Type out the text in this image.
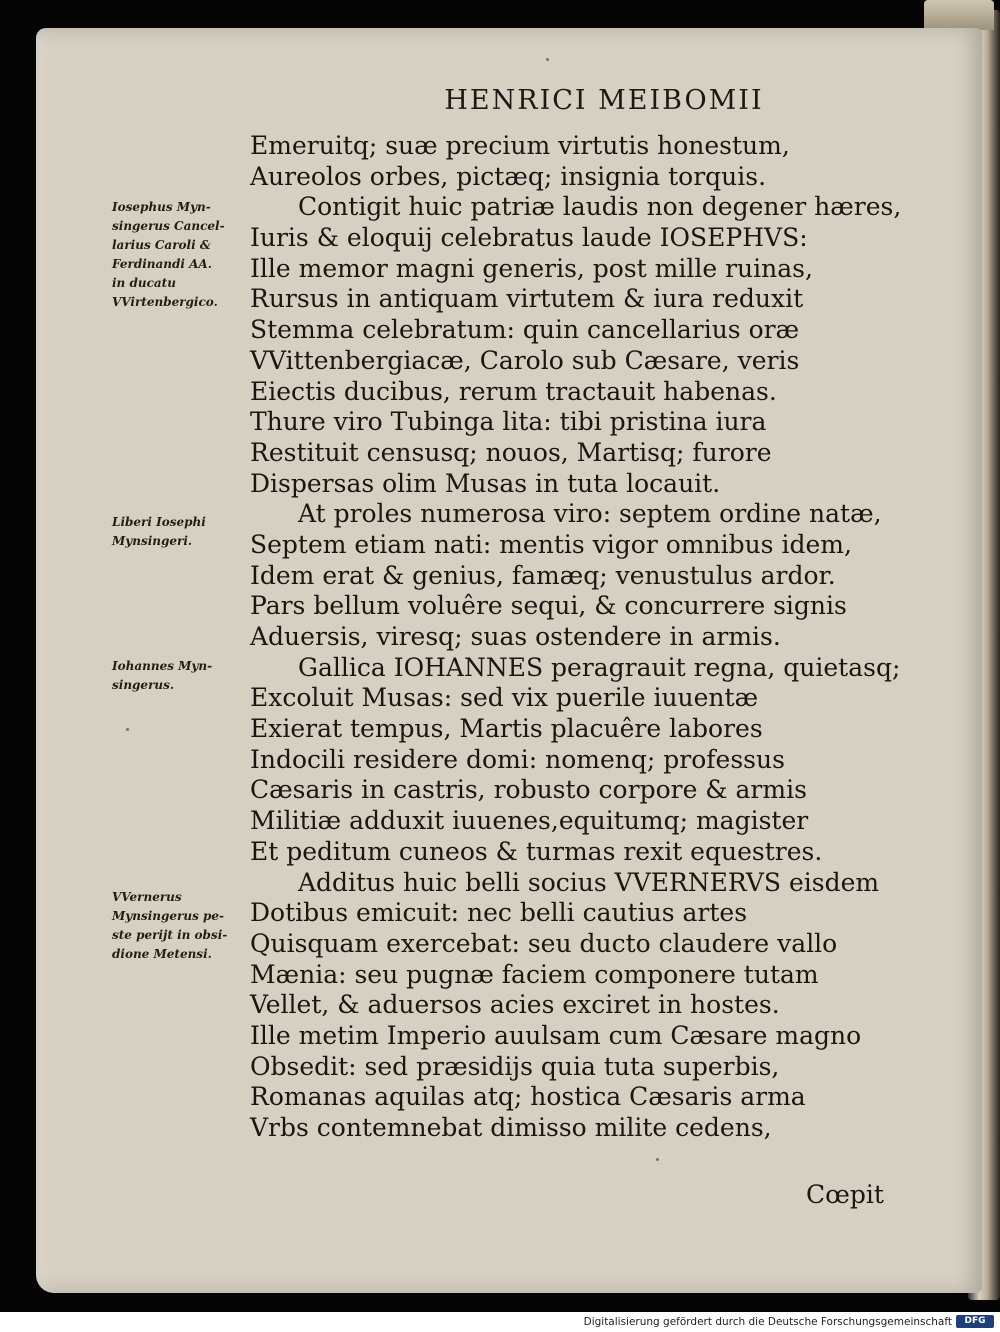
HENRICI MEIBOMII
Emeruitq; suæ precium virtutis honestum,
Aureolos orbes, pictæq; insignia torquis.
Contigit huic patriæ laudis non degener hæres,
Iuris & eloquij celebratus laude IOSEPHVS:
Ille memor magni generis, post mille ruinas,
Rursus in antiquam virtutem & iura reduxit
Stemma celebratum: quin cancellarius oræ
VVittenbergiacæ, Carolo sub Cæsare, veris
Eiectis ducibus, rerum tractauit habenas.
Thure viro Tubinga lita: tibi pristina iura
Restituit censusq; nouos, Martisq; furore
Dispersas olim Musas in tuta locauit.
At proles numerosa viro: septem ordine natæ,
Septem etiam nati: mentis vigor omnibus idem,
Idem erat & genius, famæq; venustulus ardor.
Pars bellum voluêre sequi, & concurrere signis
Aduersis, viresq; suas ostendere in armis.
Gallica IOHANNES peragrauit regna, quietasq;
Excoluit Musas: sed vix puerile iuuentæ
Exierat tempus, Martis placuêre labores
Indocili residere domi: nomenq; professus
Cæsaris in castris, robusto corpore & armis
Militiæ adduxit iuuenes,equitumq; magister
Et peditum cuneos & turmas rexit equestres.
Additus huic belli socius VVERNERVS eisdem
Dotibus emicuit: nec belli cautius artes
Quisquam exercebat: seu ducto claudere vallo
Mænia: seu pugnæ faciem componere tutam
Vellet, & aduersos acies exciret in hostes.
Ille metim Imperio auulsam cum Cæsare magno
Obsedit: sed præsidijs quia tuta superbis,
Romanas aquilas atq; hostica Cæsaris arma
Vrbs contemnebat dimisso milite cedens,
Iosephus Myn-
singerus Cancel-
larius Caroli &
Ferdinandi AA.
in ducatu
VVirtenbergico.
Liberi Iosephi
Mynsingeri.
Iohannes Myn-
singerus.
VVernerus
Mynsingerus pe-
ste perijt in obsi-
dione Metensi.
Cœpit
Digitalisierung gefördert durch die Deutsche Forschungsgemeinschaft	DFG
